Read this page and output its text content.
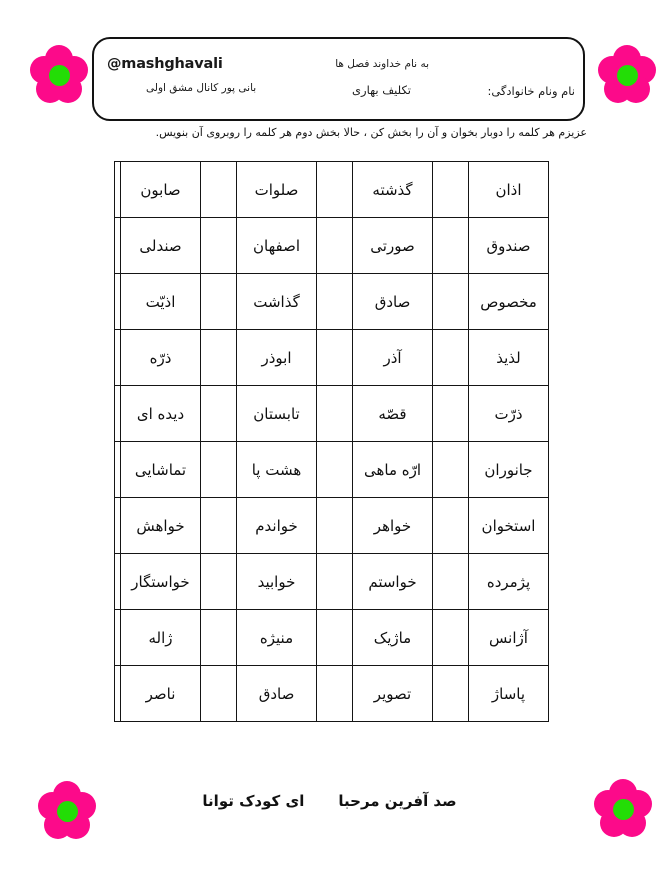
@mashghavali
بانی پور کانال مشق اولی
به نام خداوند فصل ها
تکلیف بهاری	نام ونام خانوادگی:
عزیزم هر کلمه را دوبار بخوان و آن را بخش کن ، حالا بخش دوم هر کلمه را روبروی آن بنویس.
اذان		گذشته		صلوات		صابون	
صندوق		صورتی		اصفهان		صندلی	
مخصوص		صادق		گذاشت		اذیّت	
لذیذ		آذر		ابوذر		ذرّه	
ذرّت		قصّه		تابستان		دیده ای	
جانوران		ارّه ماهی		هشت پا		تماشایی	
استخوان		خواهر		خواندم		خواهش	
پژمرده		خواستم		خوابید		خواستگار	
آژانس		ماژیک		منیژه		ژاله	
پاساژ		تصویر		صادق		ناصر	
صد آفرین مرحباای کودک توانا
